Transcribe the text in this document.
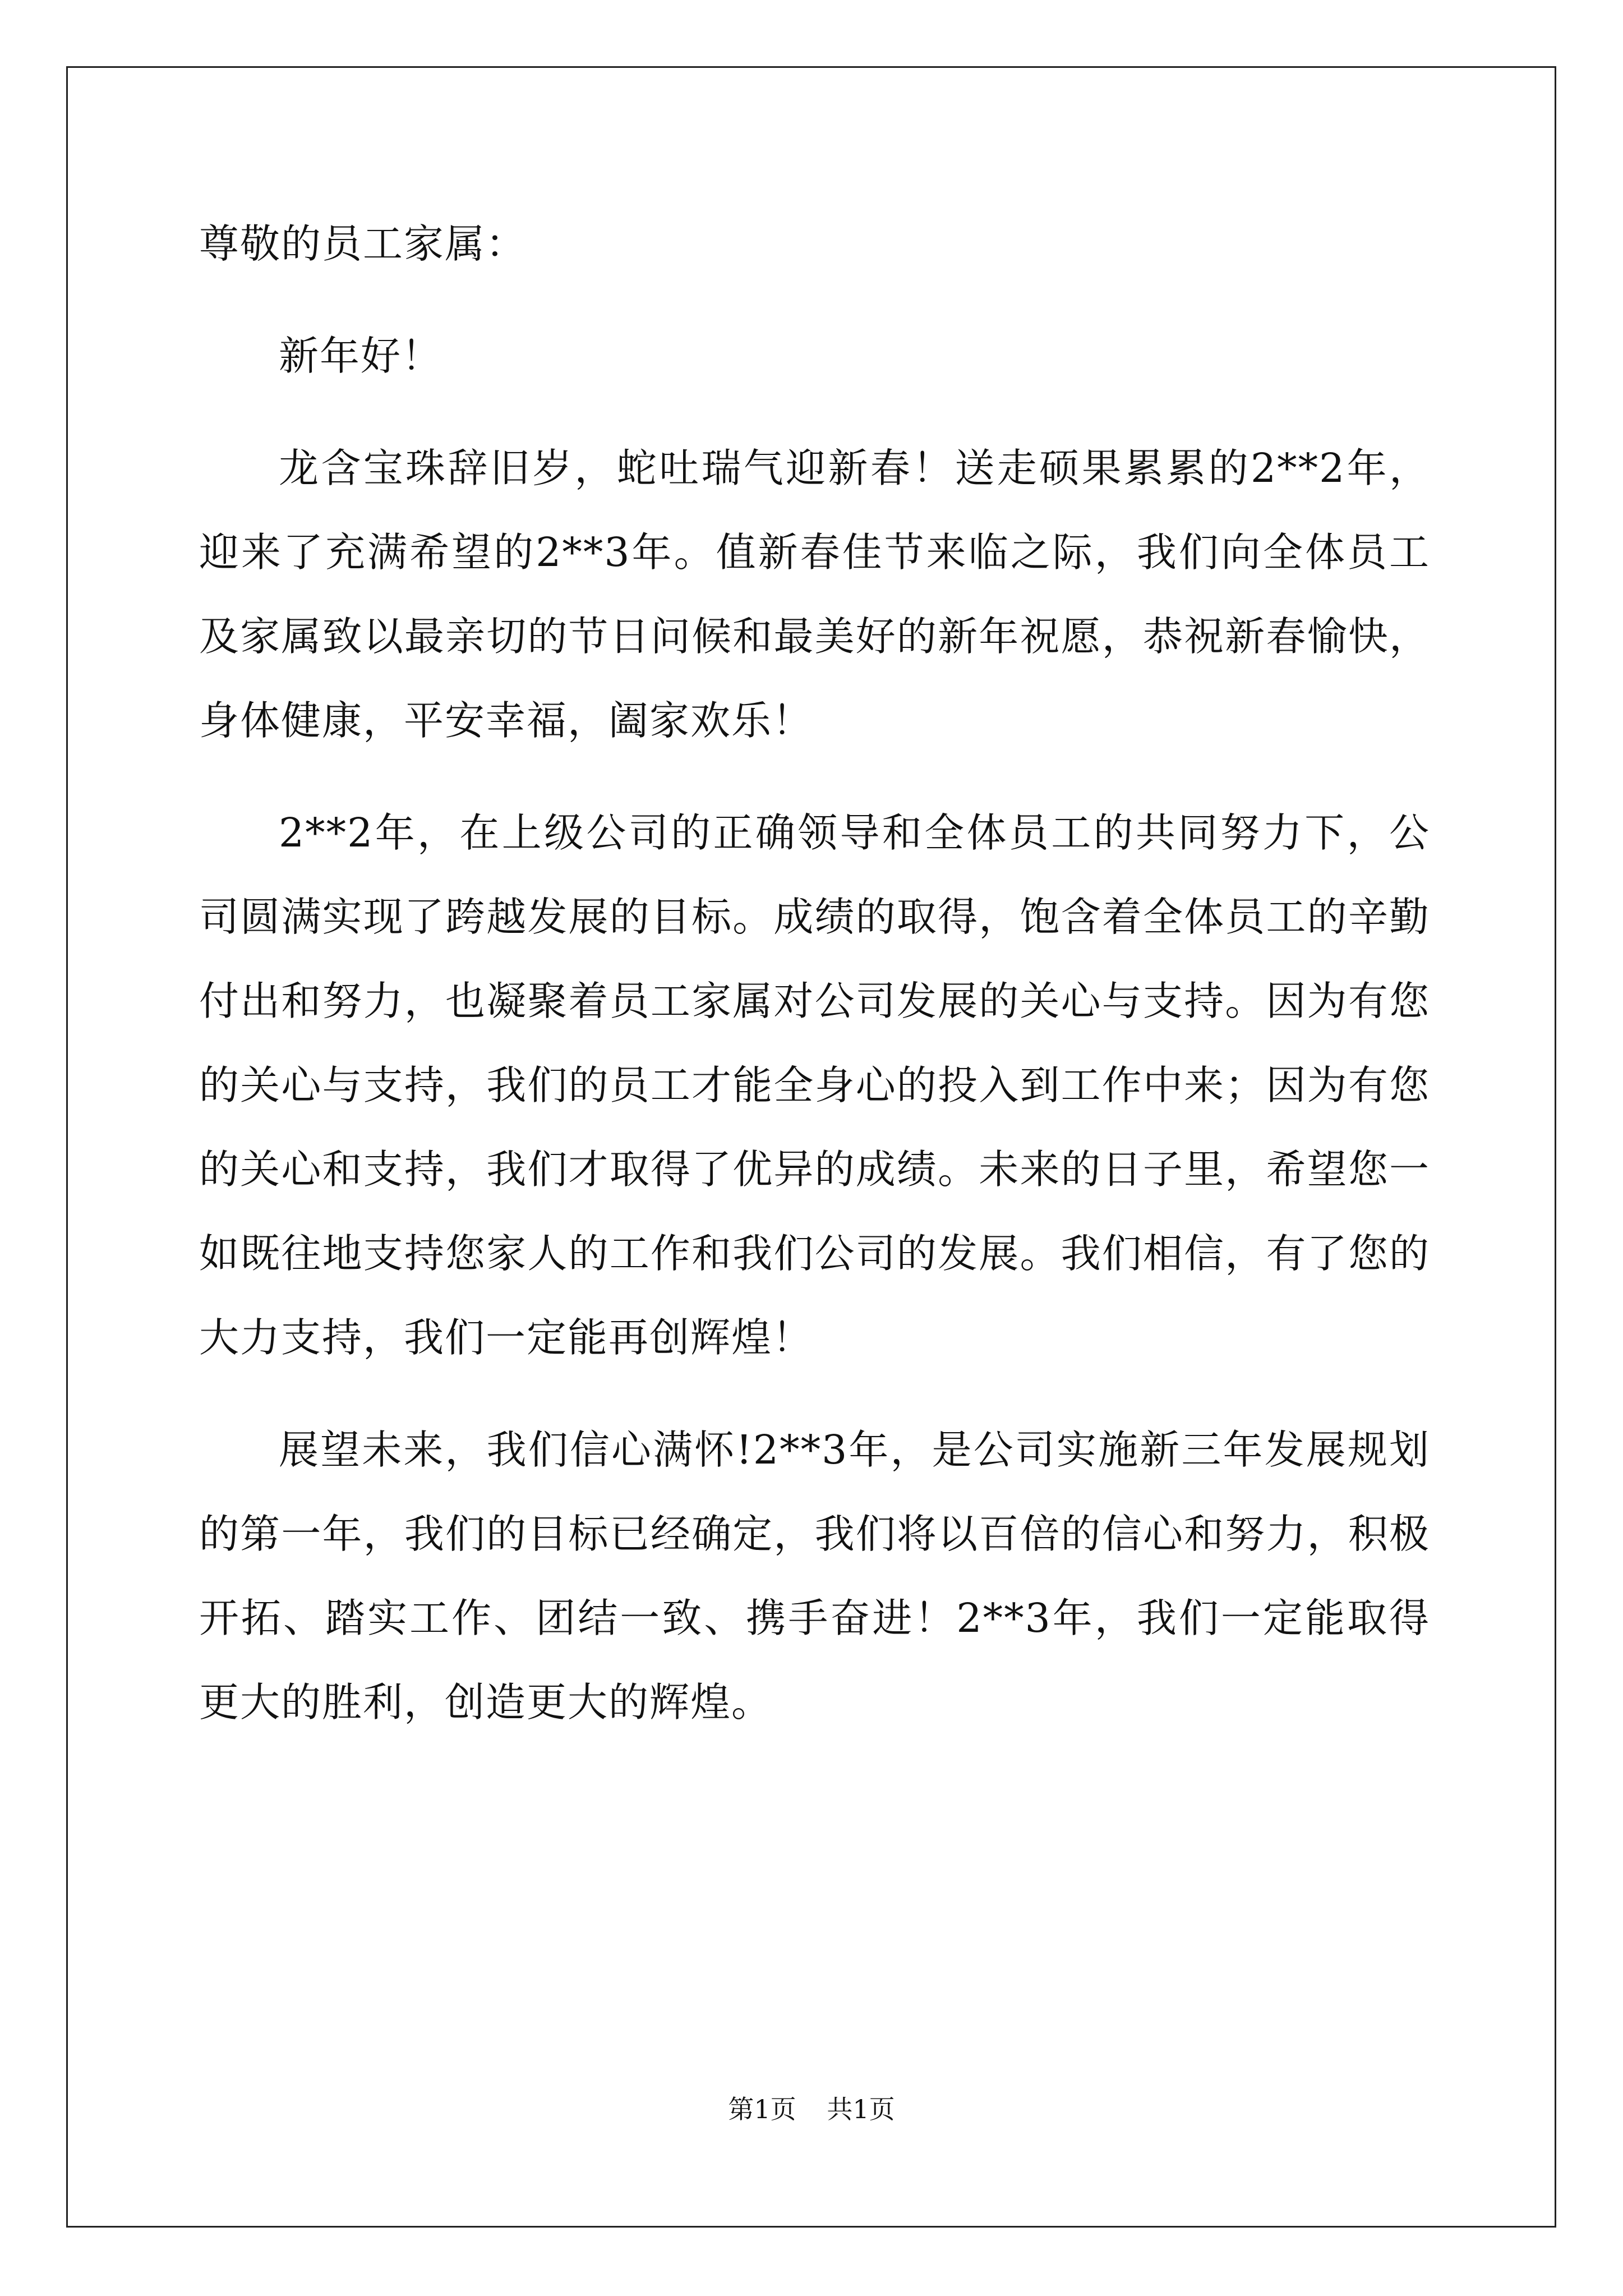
尊敬的员工家属：

新年好！

龙含宝珠辞旧岁，蛇吐瑞气迎新春！送走硕果累累的2**2年，迎来了充满希望的2**3年。值新春佳节来临之际，我们向全体员工及家属致以最亲切的节日问候和最美好的新年祝愿，恭祝新春愉快，身体健康，平安幸福，阖家欢乐！

2**2年，在上级公司的正确领导和全体员工的共同努力下，公司圆满实现了跨越发展的目标。成绩的取得，饱含着全体员工的辛勤付出和努力，也凝聚着员工家属对公司发展的关心与支持。因为有您的关心与支持，我们的员工才能全身心的投入到工作中来；因为有您的关心和支持，我们才取得了优异的成绩。未来的日子里，希望您一如既往地支持您家人的工作和我们公司的发展。我们相信，有了您的大力支持，我们一定能再创辉煌！

展望未来，我们信心满怀!2**3年，是公司实施新三年发展规划的第一年，我们的目标已经确定，我们将以百倍的信心和努力，积极开拓、踏实工作、团结一致、携手奋进！2**3年，我们一定能取得更大的胜利，创造更大的辉煌。

第1页 共1页
